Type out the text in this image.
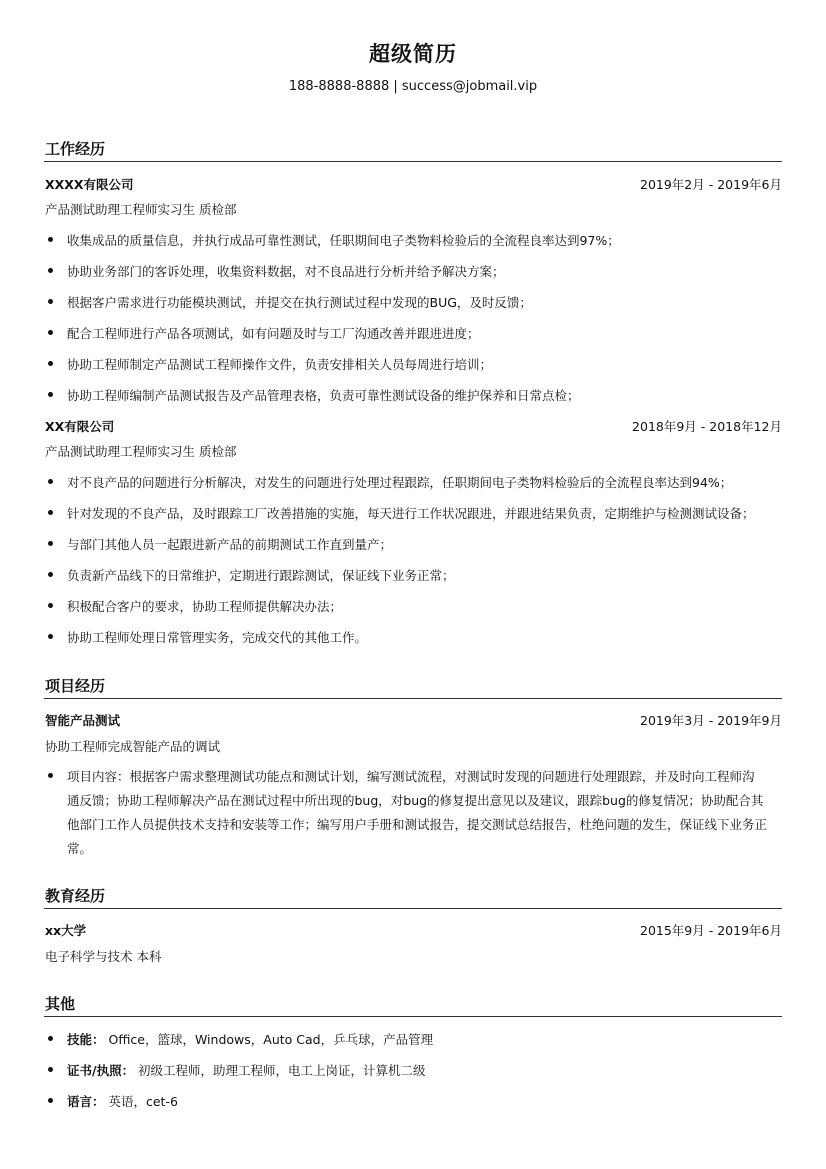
超级简历
188-8888-8888 | success@jobmail.vip
工作经历
XXXX有限公司	2019年2月 - 2019年6月
产品测试助理工程师实习生 质检部
收集成品的质量信息，并执行成品可靠性测试，任职期间电子类物料检验后的全流程良率达到97%；
协助业务部门的客诉处理，收集资料数据，对不良品进行分析并给予解决方案；
根据客户需求进行功能模块测试，并提交在执行测试过程中发现的BUG，及时反馈；
配合工程师进行产品各项测试，如有问题及时与工厂沟通改善并跟进进度；
协助工程师制定产品测试工程师操作文件，负责安排相关人员每周进行培训；
协助工程师编制产品测试报告及产品管理表格，负责可靠性测试设备的维护保养和日常点检；
XX有限公司	2018年9月 - 2018年12月
产品测试助理工程师实习生 质检部
对不良产品的问题进行分析解决，对发生的问题进行处理过程跟踪，任职期间电子类物料检验后的全流程良率达到94%；
针对发现的不良产品，及时跟踪工厂改善措施的实施，每天进行工作状况跟进，并跟进结果负责，定期维护与检测测试设备；
与部门其他人员一起跟进新产品的前期测试工作直到量产；
负责新产品线下的日常维护，定期进行跟踪测试，保证线下业务正常；
积极配合客户的要求，协助工程师提供解决办法；
协助工程师处理日常管理实务，完成交代的其他工作。
项目经历
智能产品测试	2019年3月 - 2019年9月
协助工程师完成智能产品的调试
项目内容：根据客户需求整理测试功能点和测试计划，编写测试流程，对测试时发现的问题进行处理跟踪，并及时向工程师沟
通反馈；协助工程师解决产品在测试过程中所出现的bug，对bug的修复提出意见以及建议，跟踪bug的修复情况；协助配合其
他部门工作人员提供技术支持和安装等工作；编写用户手册和测试报告，提交测试总结报告，杜绝问题的发生，保证线下业务正
常。
教育经历
xx大学	2015年9月 - 2019年6月
电子科学与技术 本科
其他
技能： Office，篮球，Windows，Auto Cad，乒乓球，产品管理
证书/执照： 初级工程师，助理工程师，电工上岗证，计算机二级
语言： 英语，cet-6
